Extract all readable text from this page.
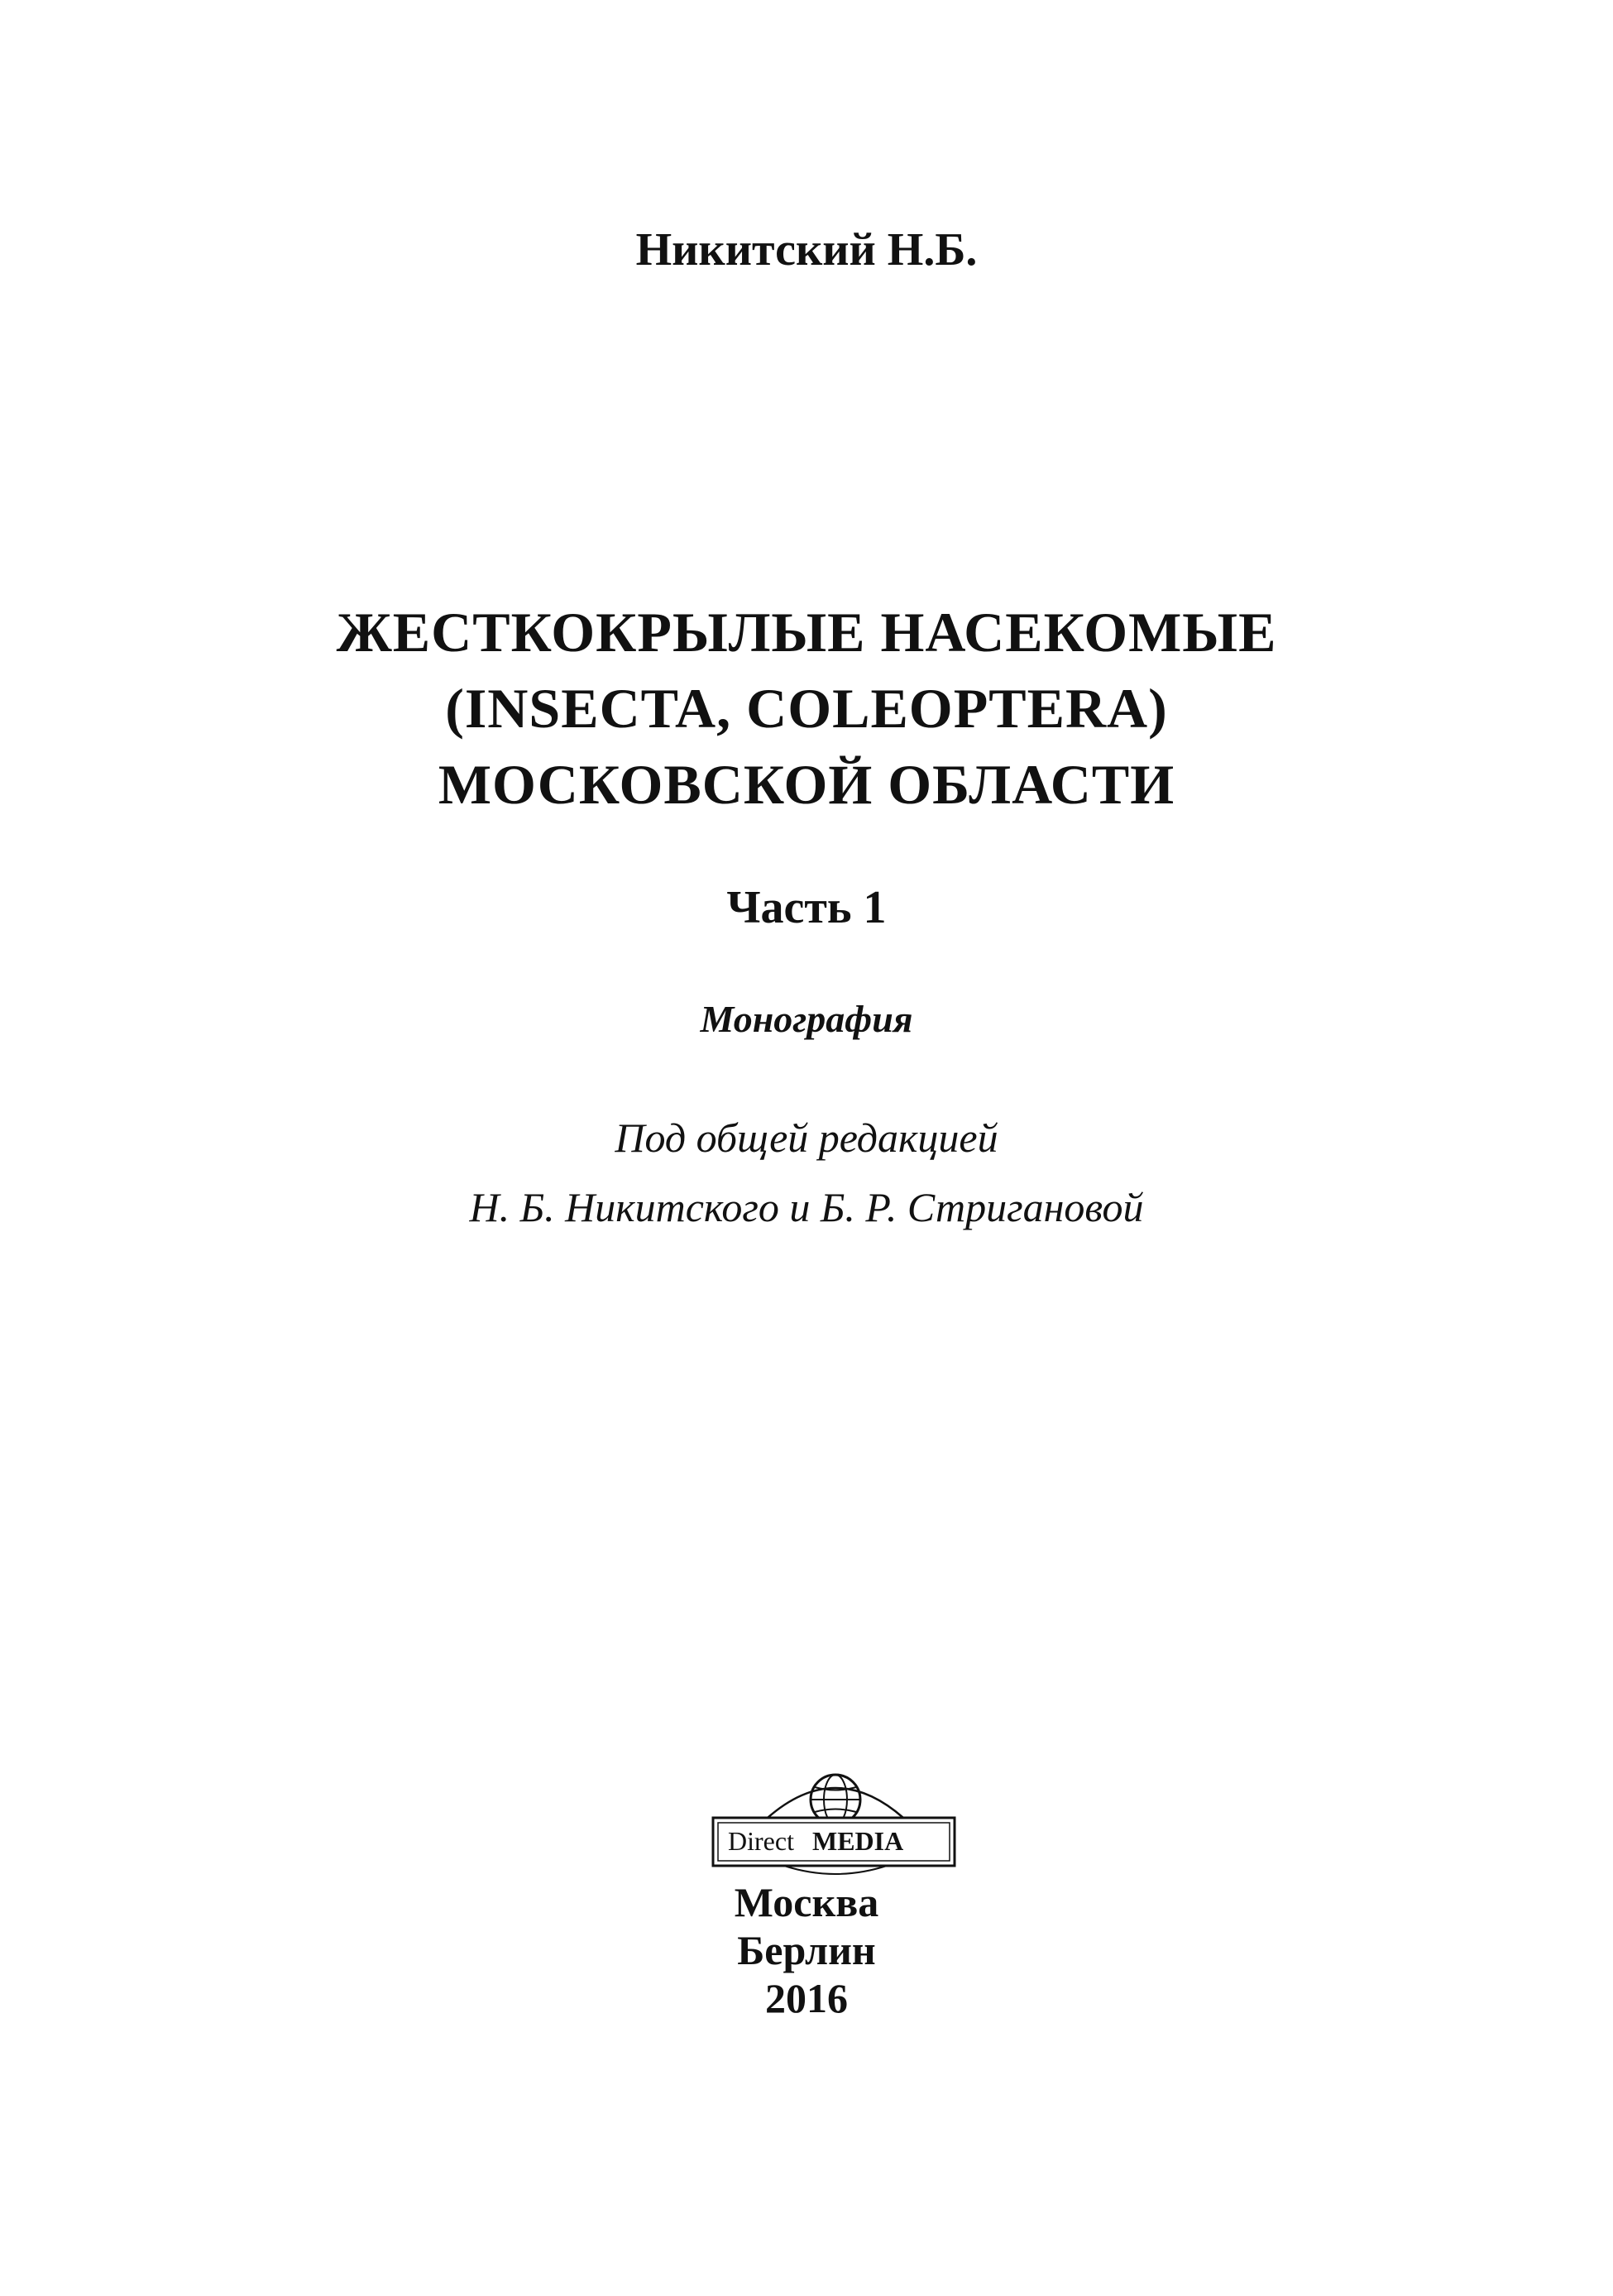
Никитский Н.Б.
ЖЕСТКОКРЫЛЫЕ НАСЕКОМЫЕ
(INSECTA, COLEOPTERA)
МОСКОВСКОЙ ОБЛАСТИ
Часть 1
Монография
Под общей редакцией
Н. Б. Никитского и Б. Р. Стригановой
Direct MEDIA
Москва
Берлин
2016
